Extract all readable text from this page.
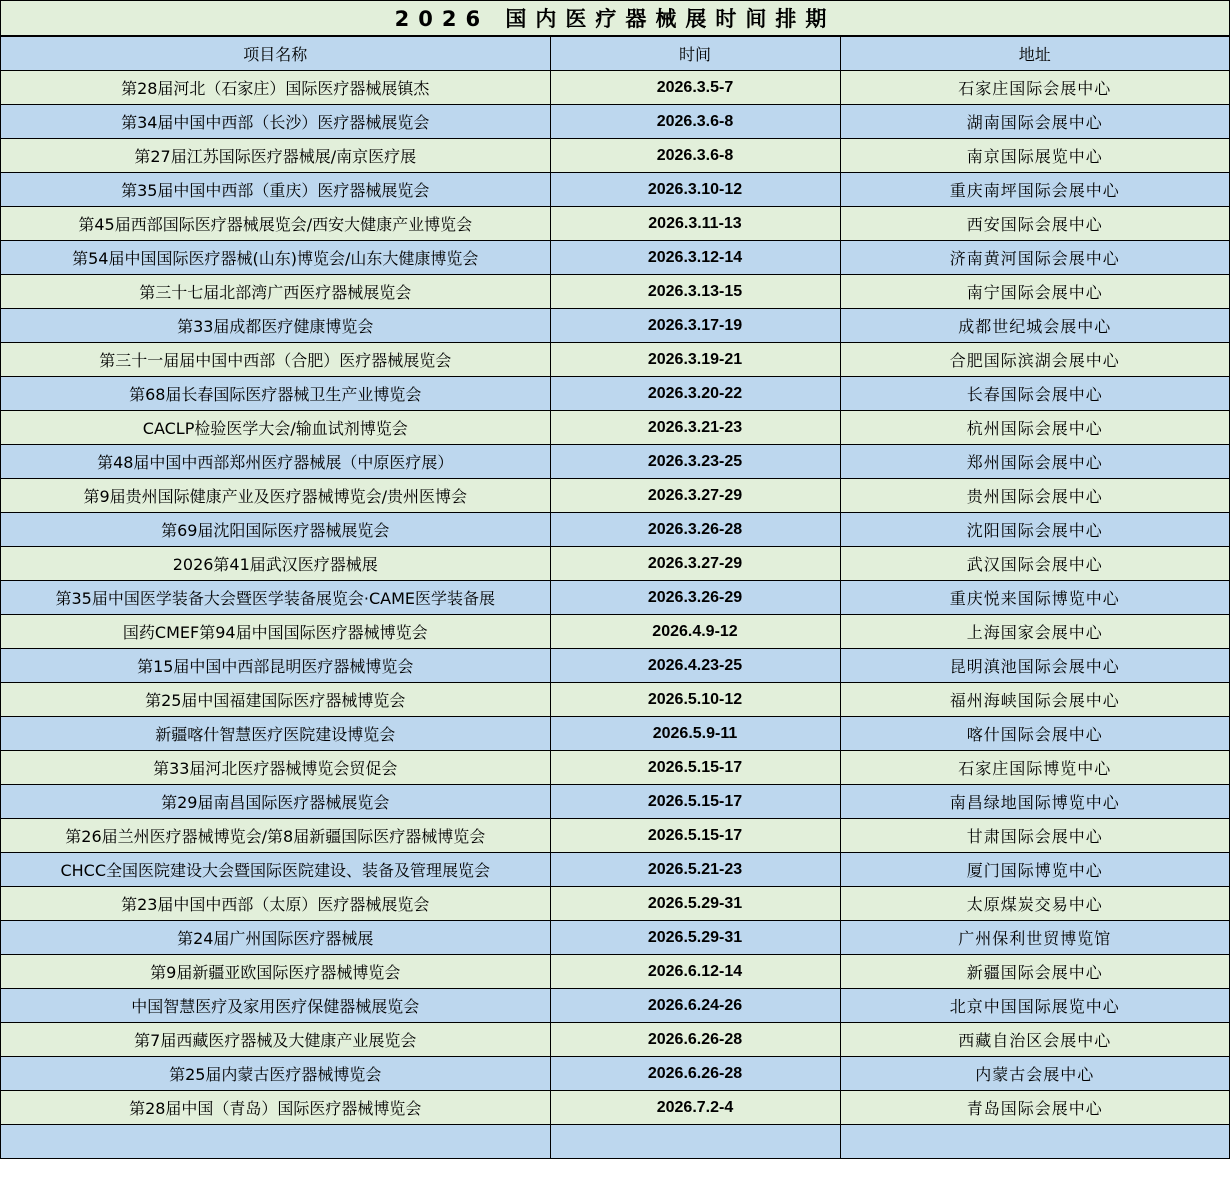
2026 国内医疗器械展时间排期
项目名称	时间	地址
第28届河北（石家庄）国际医疗器械展镇杰	2026.3.5-7	石家庄国际会展中心
第34届中国中西部（长沙）医疗器械展览会	2026.3.6-8	湖南国际会展中心
第27届江苏国际医疗器械展/南京医疗展	2026.3.6-8	南京国际展览中心
第35届中国中西部（重庆）医疗器械展览会	2026.3.10-12	重庆南坪国际会展中心
第45届西部国际医疗器械展览会/西安大健康产业博览会	2026.3.11-13	西安国际会展中心
第54届中国国际医疗器械(山东)博览会/山东大健康博览会	2026.3.12-14	济南黄河国际会展中心
第三十七届北部湾广西医疗器械展览会	2026.3.13-15	南宁国际会展中心
第33届成都医疗健康博览会	2026.3.17-19	成都世纪城会展中心
第三十一届届中国中西部（合肥）医疗器械展览会	2026.3.19-21	合肥国际滨湖会展中心
第68届长春国际医疗器械卫生产业博览会	2026.3.20-22	长春国际会展中心
CACLP检验医学大会/输血试剂博览会	2026.3.21-23	杭州国际会展中心
第48届中国中西部郑州医疗器械展（中原医疗展）	2026.3.23-25	郑州国际会展中心
第9届贵州国际健康产业及医疗器械博览会/贵州医博会	2026.3.27-29	贵州国际会展中心
第69届沈阳国际医疗器械展览会	2026.3.26-28	沈阳国际会展中心
2026第41届武汉医疗器械展	2026.3.27-29	武汉国际会展中心
第35届中国医学装备大会暨医学装备展览会·CAME医学装备展	2026.3.26-29	重庆悦来国际博览中心
国药CMEF第94届中国国际医疗器械博览会	2026.4.9-12	上海国家会展中心
第15届中国中西部昆明医疗器械博览会	2026.4.23-25	昆明滇池国际会展中心
第25届中国福建国际医疗器械博览会	2026.5.10-12	福州海峡国际会展中心
新疆喀什智慧医疗医院建设博览会	2026.5.9-11	喀什国际会展中心
第33届河北医疗器械博览会贸促会	2026.5.15-17	石家庄国际博览中心
第29届南昌国际医疗器械展览会	2026.5.15-17	南昌绿地国际博览中心
第26届兰州医疗器械博览会/第8届新疆国际医疗器械博览会	2026.5.15-17	甘肃国际会展中心
CHCC全国医院建设大会暨国际医院建设、装备及管理展览会	2026.5.21-23	厦门国际博览中心
第23届中国中西部（太原）医疗器械展览会	2026.5.29-31	太原煤炭交易中心
第24届广州国际医疗器械展	2026.5.29-31	广州保利世贸博览馆
第9届新疆亚欧国际医疗器械博览会	2026.6.12-14	新疆国际会展中心
中国智慧医疗及家用医疗保健器械展览会	2026.6.24-26	北京中国国际展览中心
第7届西藏医疗器械及大健康产业展览会	2026.6.26-28	西藏自治区会展中心
第25届内蒙古医疗器械博览会	2026.6.26-28	内蒙古会展中心
第28届中国（青岛）国际医疗器械博览会	2026.7.2-4	青岛国际会展中心
